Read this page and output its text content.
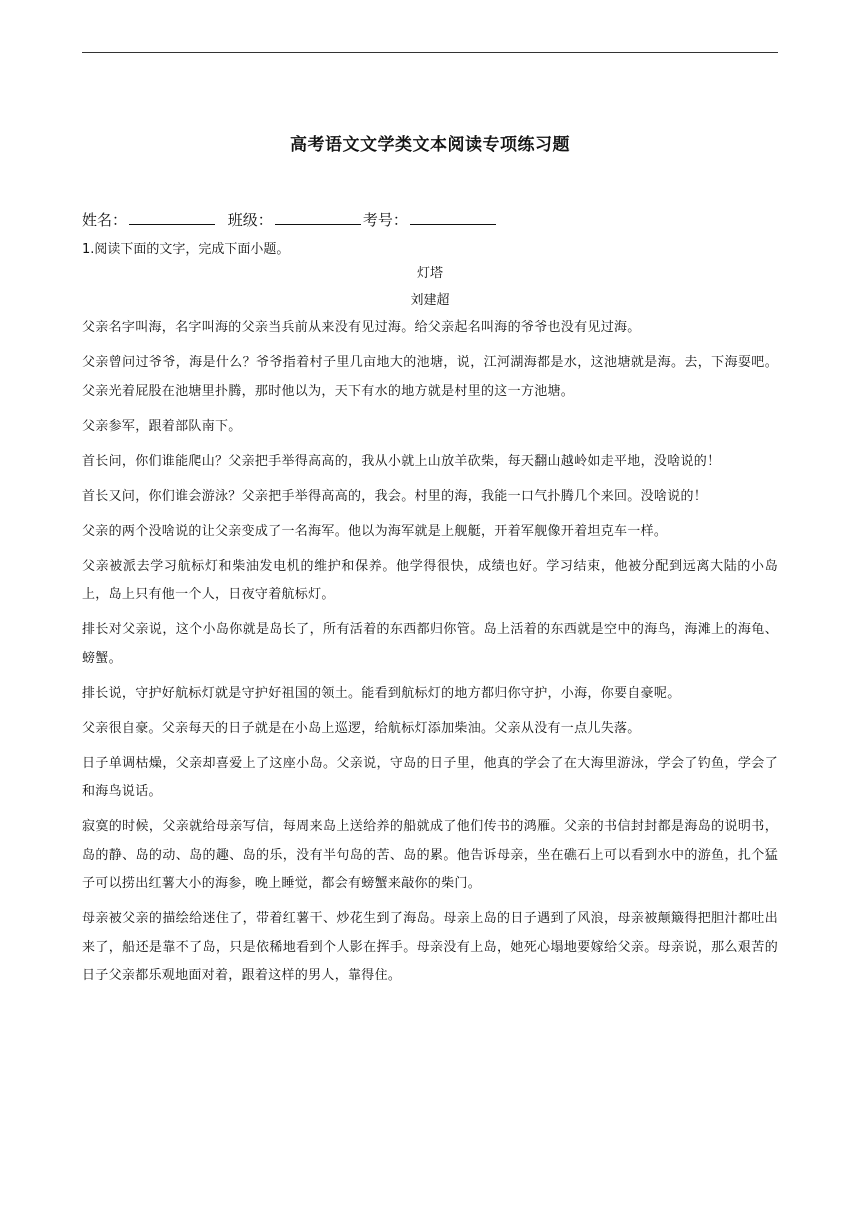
高考语文文学类文本阅读专项练习题
姓名：	班级：	考号：
1.阅读下面的文字，完成下面小题。
灯塔
刘建超

父亲名字叫海，名字叫海的父亲当兵前从来没有见过海。给父亲起名叫海的爷爷也没有见过海。

父亲曾问过爷爷，海是什么？爷爷指着村子里几亩地大的池塘，说，江河湖海都是水，这池塘就是海。去，下海耍吧。父亲光着屁股在池塘里扑腾，那时他以为，天下有水的地方就是村里的这一方池塘。

父亲参军，跟着部队南下。

首长问，你们谁能爬山？父亲把手举得高高的，我从小就上山放羊砍柴，每天翻山越岭如走平地，没啥说的！

首长又问，你们谁会游泳？父亲把手举得高高的，我会。村里的海，我能一口气扑腾几个来回。没啥说的！

父亲的两个没啥说的让父亲变成了一名海军。他以为海军就是上舰艇，开着军舰像开着坦克车一样。

父亲被派去学习航标灯和柴油发电机的维护和保养。他学得很快，成绩也好。学习结束，他被分配到远离大陆的小岛上，岛上只有他一个人，日夜守着航标灯。

排长对父亲说，这个小岛你就是岛长了，所有活着的东西都归你管。岛上活着的东西就是空中的海鸟，海滩上的海龟、螃蟹。

排长说，守护好航标灯就是守护好祖国的领土。能看到航标灯的地方都归你守护，小海，你要自豪呢。

父亲很自豪。父亲每天的日子就是在小岛上巡逻，给航标灯添加柴油。父亲从没有一点儿失落。

日子单调枯燥，父亲却喜爱上了这座小岛。父亲说，守岛的日子里，他真的学会了在大海里游泳，学会了钓鱼，学会了和海鸟说话。

寂寞的时候，父亲就给母亲写信，每周来岛上送给养的船就成了他们传书的鸿雁。父亲的书信封封都是海岛的说明书，岛的静、岛的动、岛的趣、岛的乐，没有半句岛的苦、岛的累。他告诉母亲，坐在礁石上可以看到水中的游鱼，扎个猛子可以捞出红薯大小的海参，晚上睡觉，都会有螃蟹来敲你的柴门。

母亲被父亲的描绘给迷住了，带着红薯干、炒花生到了海岛。母亲上岛的日子遇到了风浪，母亲被颠簸得把胆汁都吐出来了，船还是靠不了岛，只是依稀地看到个人影在挥手。母亲没有上岛，她死心塌地要嫁给父亲。母亲说，那么艰苦的日子父亲都乐观地面对着，跟着这样的男人，靠得住。
